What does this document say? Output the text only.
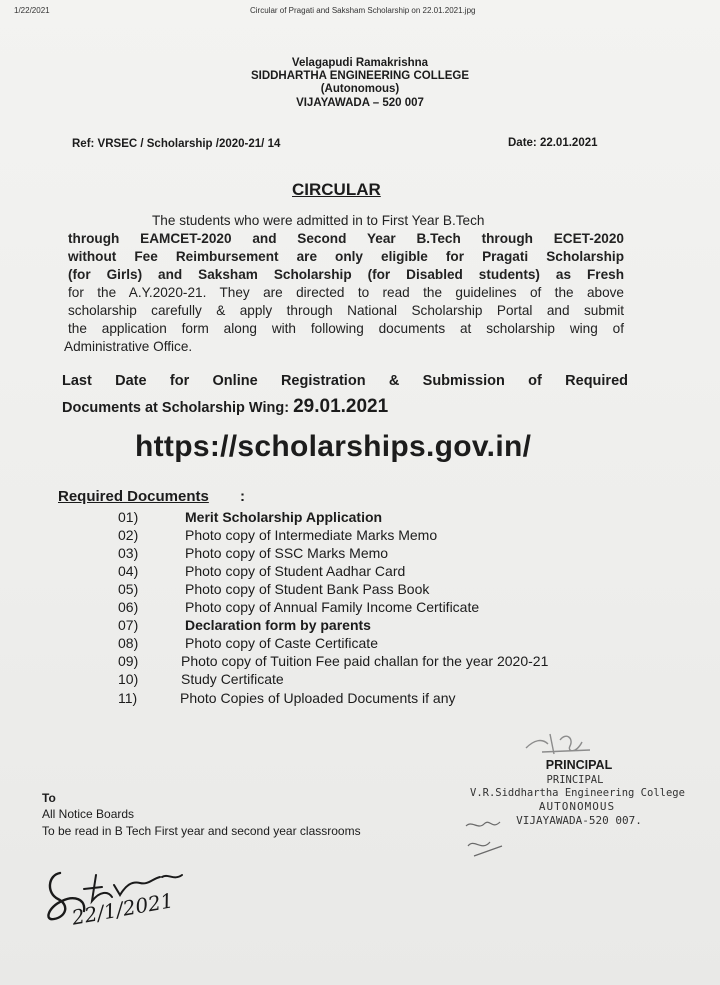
1/22/2021	Circular of Pragati and Saksham Scholarship on 22.01.2021.jpg
Velagapudi Ramakrishna
SIDDHARTHA ENGINEERING COLLEGE
(Autonomous)
VIJAYAWADA – 520 007
Ref: VRSEC / Scholarship /2020-21/ 14	Date: 22.01.2021
CIRCULAR
The students who were admitted in to First Year B.Tech
through EAMCET-2020 and Second Year B.Tech through ECET-2020
without Fee Reimbursement are only eligible for Pragati Scholarship
(for Girls) and Saksham Scholarship (for Disabled students) as Fresh
for the A.Y.2020-21. They are directed to read the guidelines of the above
scholarship carefully & apply through National Scholarship Portal and submit
the application form along with following documents at scholarship wing of
Administrative Office.
Last Date for Online Registration & Submission of Required
Documents at Scholarship Wing: 29.01.2021
https://scholarships.gov.in/
Required Documents :
01)	Merit Scholarship Application
02)	Photo copy of Intermediate Marks Memo
03)	Photo copy of SSC Marks Memo
04)	Photo copy of Student Aadhar Card
05)	Photo copy of Student Bank Pass Book
06)	Photo copy of Annual Family Income Certificate
07)	Declaration form by parents
08)	Photo copy of Caste Certificate
09)	Photo copy of Tuition Fee paid challan for the year 2020-21
10)	Study Certificate
11)	Photo Copies of Uploaded Documents if any
PRINCIPAL
PRINCIPAL
V.R.Siddhartha Engineering College
AUTONOMOUS
VIJAYAWADA-520 007.
To
All Notice Boards
To be read in B Tech First year and second year classrooms
22/1/2021
